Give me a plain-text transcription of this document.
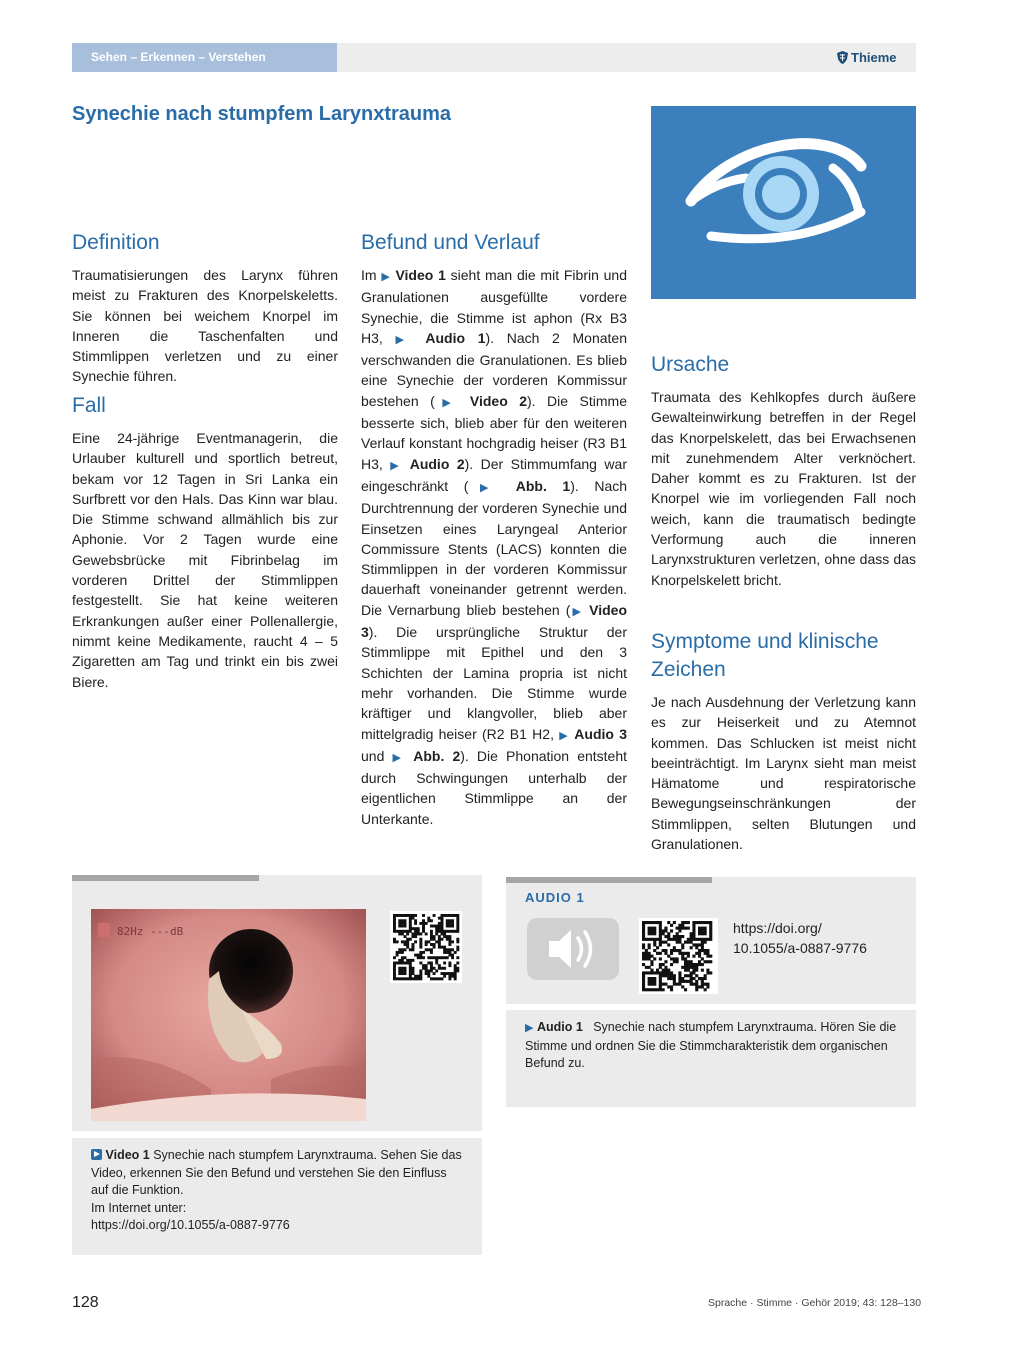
Sehen – Erkennen – Verstehen	Thieme
Synechie nach stumpfem Larynxtrauma
Definition

Traumatisierungen des Larynx führen meist zu Frakturen des Knorpelskeletts. Sie können bei weichem Knorpel im Inneren die Taschenfalten und Stimmlippen verletzen und zu einer Synechie führen.

Fall

Eine 24-jährige Eventmanagerin, die Urlauber kulturell und sportlich betreut, bekam vor 12 Tagen in Sri Lanka ein Surfbrett vor den Hals. Das Kinn war blau. Die Stimme schwand allmählich bis zur Aphonie. Vor 2 Tagen wurde eine Gewebsbrücke mit Fibrinbelag im vorderen Drittel der Stimmlippen festgestellt. Sie hat keine weiteren Erkrankungen außer einer Pollenallergie, nimmt keine Medikamente, raucht 4 – 5 Zigaretten am Tag und trinkt ein bis zwei Biere.

Befund und Verlauf

Im ▶ Video 1 sieht man die mit Fibrin und Granulationen ausgefüllte vordere Synechie, die Stimme ist aphon (Rx B3 H3, ▶ Audio 1). Nach 2 Monaten verschwanden die Granulationen. Es blieb eine Synechie der vorderen Kommissur bestehen (▶ Video 2). Die Stimme besserte sich, blieb aber für den weiteren Verlauf konstant hochgradig heiser (R3 B1 H3, ▶ Audio 2). Der Stimmumfang war eingeschränkt (▶ Abb. 1). Nach Durchtrennung der vorderen Synechie und Einsetzen eines Laryngeal Anterior Commissure Stents (LACS) konnten die Stimmlippen in der vorderen Kommissur dauerhaft voneinander getrennt werden. Die Vernarbung blieb bestehen (▶ Video 3). Die ursprüngliche Struktur der Stimmlippe mit Epithel und den 3 Schichten der Lamina propria ist nicht mehr vorhanden. Die Stimme wurde kräftiger und klangvoller, blieb aber mittelgradig heiser (R2 B1 H2, ▶ Audio 3 und ▶ Abb. 2). Die Phonation entsteht durch Schwingungen unterhalb der eigentlichen Stimmlippe an der Unterkante.

Ursache

Traumata des Kehlkopfes durch äußere Gewalteinwirkung betreffen in der Regel das Knorpelskelett, das bei Erwachsenen mit zunehmendem Alter verknöchert. Daher kommt es zu Frakturen. Ist der Knorpel wie im vorliegenden Fall noch weich, kann die traumatisch bedingte Verformung auch die inneren Larynxstrukturen verletzen, ohne dass das Knorpelskelett bricht.

Symptome und klinische
Zeichen

Je nach Ausdehnung der Verletzung kann es zur Heiserkeit und zu Atemnot kommen. Das Schlucken ist meist nicht beeinträchtigt. Im Larynx sieht man meist Hämatome und respiratorische Bewegungseinschränkungen der Stimmlippen, selten Blutungen und Granulationen.

82Hz ---dB
Video 1 Synechie nach stumpfem Larynxtrauma. Sehen Sie das Video, erkennen Sie den Befund und verstehen Sie den Einfluss auf die Funktion.
Im Internet unter:
https://doi.org/10.1055/a-0887-9776
AUDIO 1
https://doi.org/
10.1055/a-0887-9776
▶ Audio 1 Synechie nach stumpfem Larynxtrauma. Hören Sie die Stimme und ordnen Sie die Stimmcharakteristik dem organischen Befund zu.
128	Sprache · Stimme · Gehör 2019; 43: 128–130
